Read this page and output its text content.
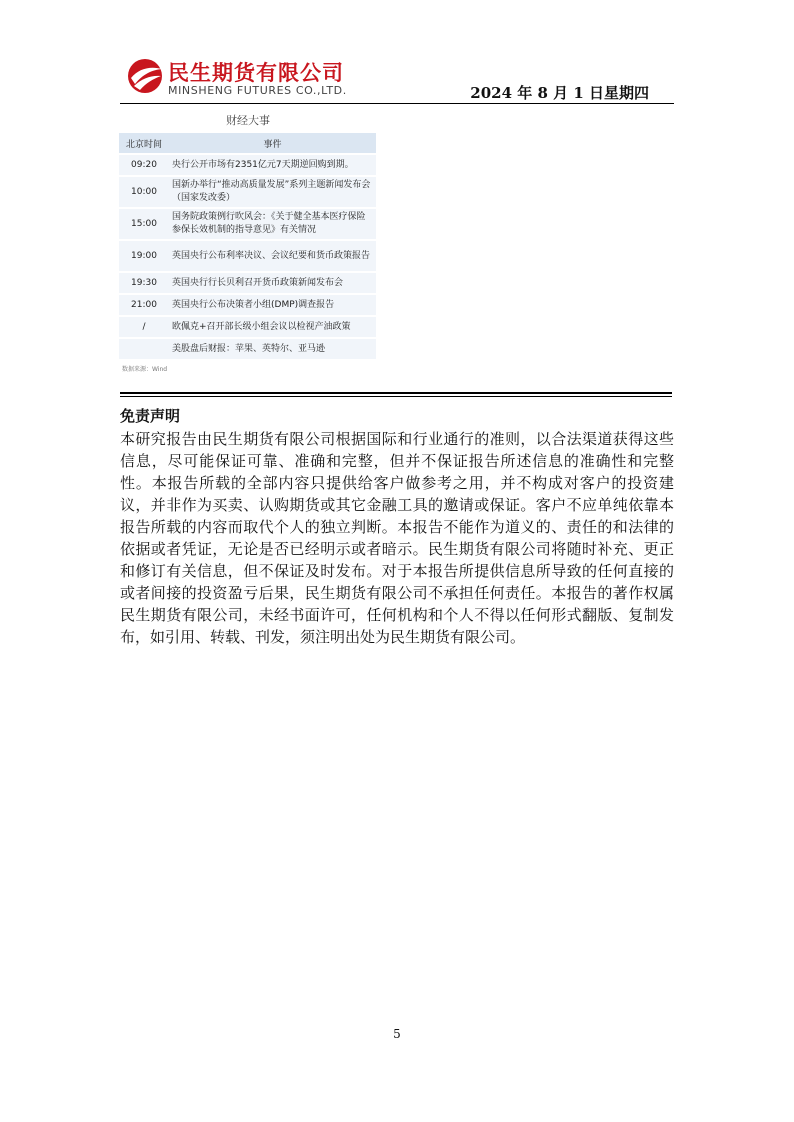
民生期货有限公司
MINSHENG FUTURES CO.,LTD.	2024 年 8 月 1 日星期四
财经大事
北京时间	事件
09:20	央行公开市场有2351亿元7天期逆回购到期。
10:00	国新办举行“推动高质量发展”系列主题新闻发布会（国家发改委）
15:00	国务院政策例行吹风会：《关于健全基本医疗保险参保长效机制的指导意见》有关情况
19:00	英国央行公布利率决议、会议纪要和货币政策报告
19:30	英国央行行长贝利召开货币政策新闻发布会
21:00	英国央行公布决策者小组(DMP)调查报告
/	欧佩克+召开部长级小组会议以检视产油政策
	美股盘后财报：苹果、英特尔、亚马逊
数据来源：Wind
免责声明

本研究报告由民生期货有限公司根据国际和行业通行的准则，以合法渠道获得这些信息，尽可能保证可靠、准确和完整，但并不保证报告所述信息的准确性和完整性。本报告所载的全部内容只提供给客户做参考之用，并不构成对客户的投资建议，并非作为买卖、认购期货或其它金融工具的邀请或保证。客户不应单纯依靠本报告所载的内容而取代个人的独立判断。本报告不能作为道义的、责任的和法律的依据或者凭证，无论是否已经明示或者暗示。民生期货有限公司将随时补充、更正和修订有关信息，但不保证及时发布。对于本报告所提供信息所导致的任何直接的或者间接的投资盈亏后果，民生期货有限公司不承担任何责任。本报告的著作权属民生期货有限公司，未经书面许可，任何机构和个人不得以任何形式翻版、复制发布，如引用、转载、刊发，须注明出处为民生期货有限公司。

5
